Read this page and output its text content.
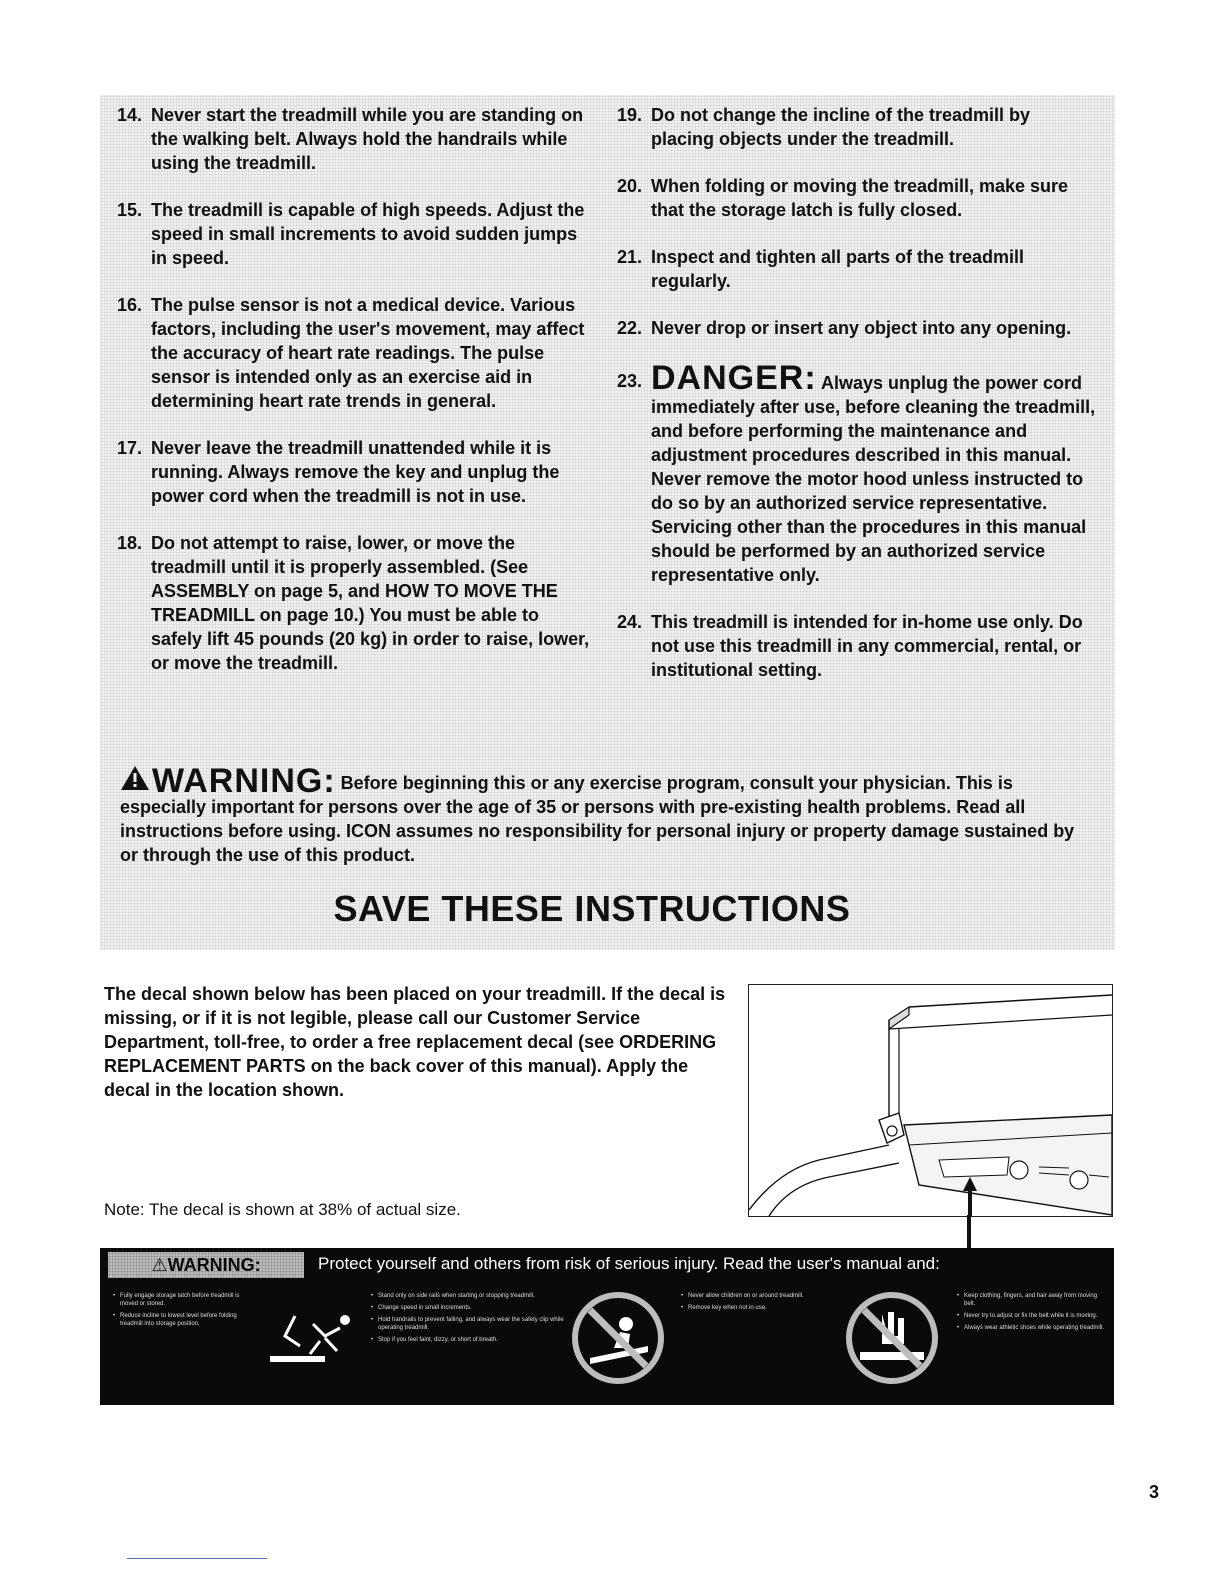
14. Never start the treadmill while you are standing on the walking belt. Always hold the handrails while using the treadmill.
15. The treadmill is capable of high speeds. Adjust the speed in small increments to avoid sudden jumps in speed.
16. The pulse sensor is not a medical device. Various factors, including the user's movement, may affect the accuracy of heart rate readings. The pulse sensor is intended only as an exercise aid in determining heart rate trends in general.
17. Never leave the treadmill unattended while it is running. Always remove the key and unplug the power cord when the treadmill is not in use.
18. Do not attempt to raise, lower, or move the treadmill until it is properly assembled. (See ASSEMBLY on page 5, and HOW TO MOVE THE TREADMILL on page 10.) You must be able to safely lift 45 pounds (20 kg) in order to raise, lower, or move the treadmill.
19. Do not change the incline of the treadmill by placing objects under the treadmill.
20. When folding or moving the treadmill, make sure that the storage latch is fully closed.
21. Inspect and tighten all parts of the treadmill regularly.
22. Never drop or insert any object into any opening.
23. DANGER: Always unplug the power cord immediately after use, before cleaning the treadmill, and before performing the maintenance and adjustment procedures described in this manual. Never remove the motor hood unless instructed to do so by an authorized service representative. Servicing other than the procedures in this manual should be performed by an authorized service representative only.
24. This treadmill is intended for in-home use only. Do not use this treadmill in any commercial, rental, or institutional setting.
WARNING: Before beginning this or any exercise program, consult your physician. This is especially important for persons over the age of 35 or persons with pre-existing health problems. Read all instructions before using. ICON assumes no responsibility for personal injury or property damage sustained by or through the use of this product.
SAVE THESE INSTRUCTIONS
The decal shown below has been placed on your treadmill. If the decal is missing, or if it is not legible, please call our Customer Service Department, toll-free, to order a free replacement decal (see ORDERING REPLACEMENT PARTS on the back cover of this manual). Apply the decal in the location shown.
Note: The decal is shown at 38% of actual size.
⚠WARNING:	Protect yourself and others from risk of serious injury. Read the user's manual and:
• Fully engage storage latch before treadmill is moved or stored.
• Reduce incline to lowest level before folding treadmill into storage position.
• Stand only on side rails when starting or stopping treadmill.
• Change speed in small increments.
• Hold handrails to prevent falling, and always wear the safety clip while operating treadmill.
• Stop if you feel faint, dizzy, or short of breath.
• Never allow children on or around treadmill.
• Remove key when not in use.
• Keep clothing, fingers, and hair away from moving belt.
• Never try to adjust or fix the belt while it is moving.
• Always wear athletic shoes while operating treadmill.
3
